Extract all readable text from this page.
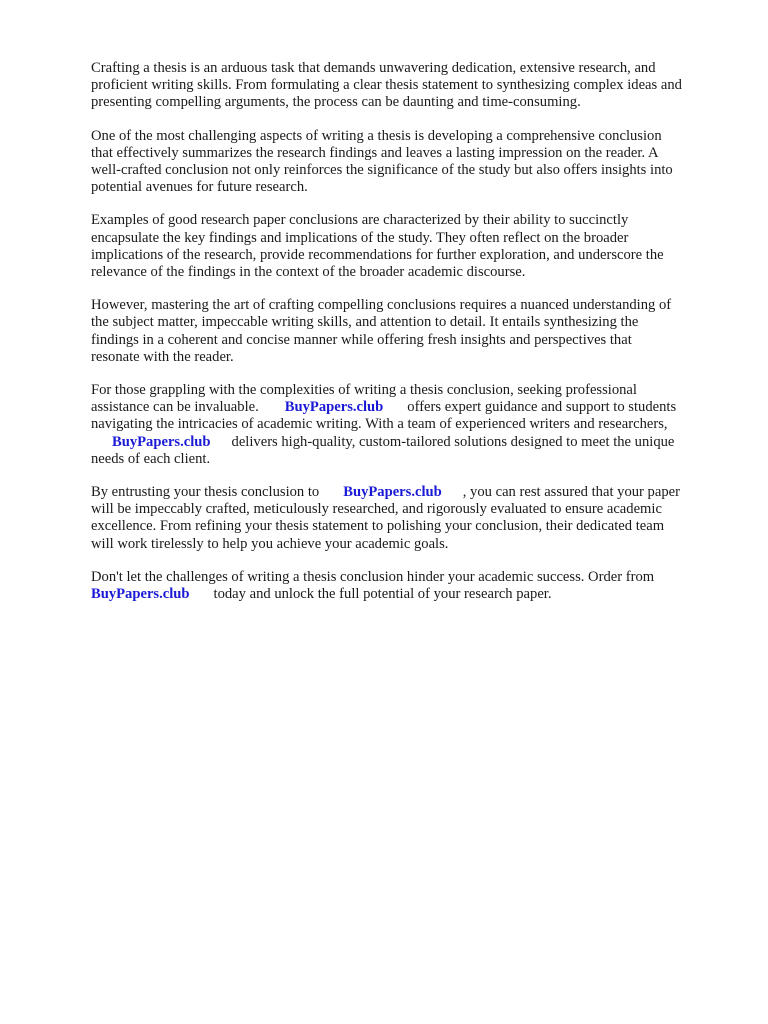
Crafting a thesis is an arduous task that demands unwavering dedication, extensive research, and
proficient writing skills. From formulating a clear thesis statement to synthesizing complex ideas and
presenting compelling arguments, the process can be daunting and time-consuming.

One of the most challenging aspects of writing a thesis is developing a comprehensive conclusion
that effectively summarizes the research findings and leaves a lasting impression on the reader. A
well-crafted conclusion not only reinforces the significance of the study but also offers insights into
potential avenues for future research.

Examples of good research paper conclusions are characterized by their ability to succinctly
encapsulate the key findings and implications of the study. They often reflect on the broader
implications of the research, provide recommendations for further exploration, and underscore the
relevance of the findings in the context of the broader academic discourse.

However, mastering the art of crafting compelling conclusions requires a nuanced understanding of
the subject matter, impeccable writing skills, and attention to detail. It entails synthesizing the
findings in a coherent and concise manner while offering fresh insights and perspectives that
resonate with the reader.

For those grappling with the complexities of writing a thesis conclusion, seeking professional
assistance can be invaluable. BuyPapers.club offers expert guidance and support to students
navigating the intricacies of academic writing. With a team of experienced writers and researchers,
BuyPapers.club delivers high-quality, custom-tailored solutions designed to meet the unique
needs of each client.

By entrusting your thesis conclusion to BuyPapers.club , you can rest assured that your paper
will be impeccably crafted, meticulously researched, and rigorously evaluated to ensure academic
excellence. From refining your thesis statement to polishing your conclusion, their dedicated team
will work tirelessly to help you achieve your academic goals.

Don't let the challenges of writing a thesis conclusion hinder your academic success. Order from
BuyPapers.club today and unlock the full potential of your research paper.
